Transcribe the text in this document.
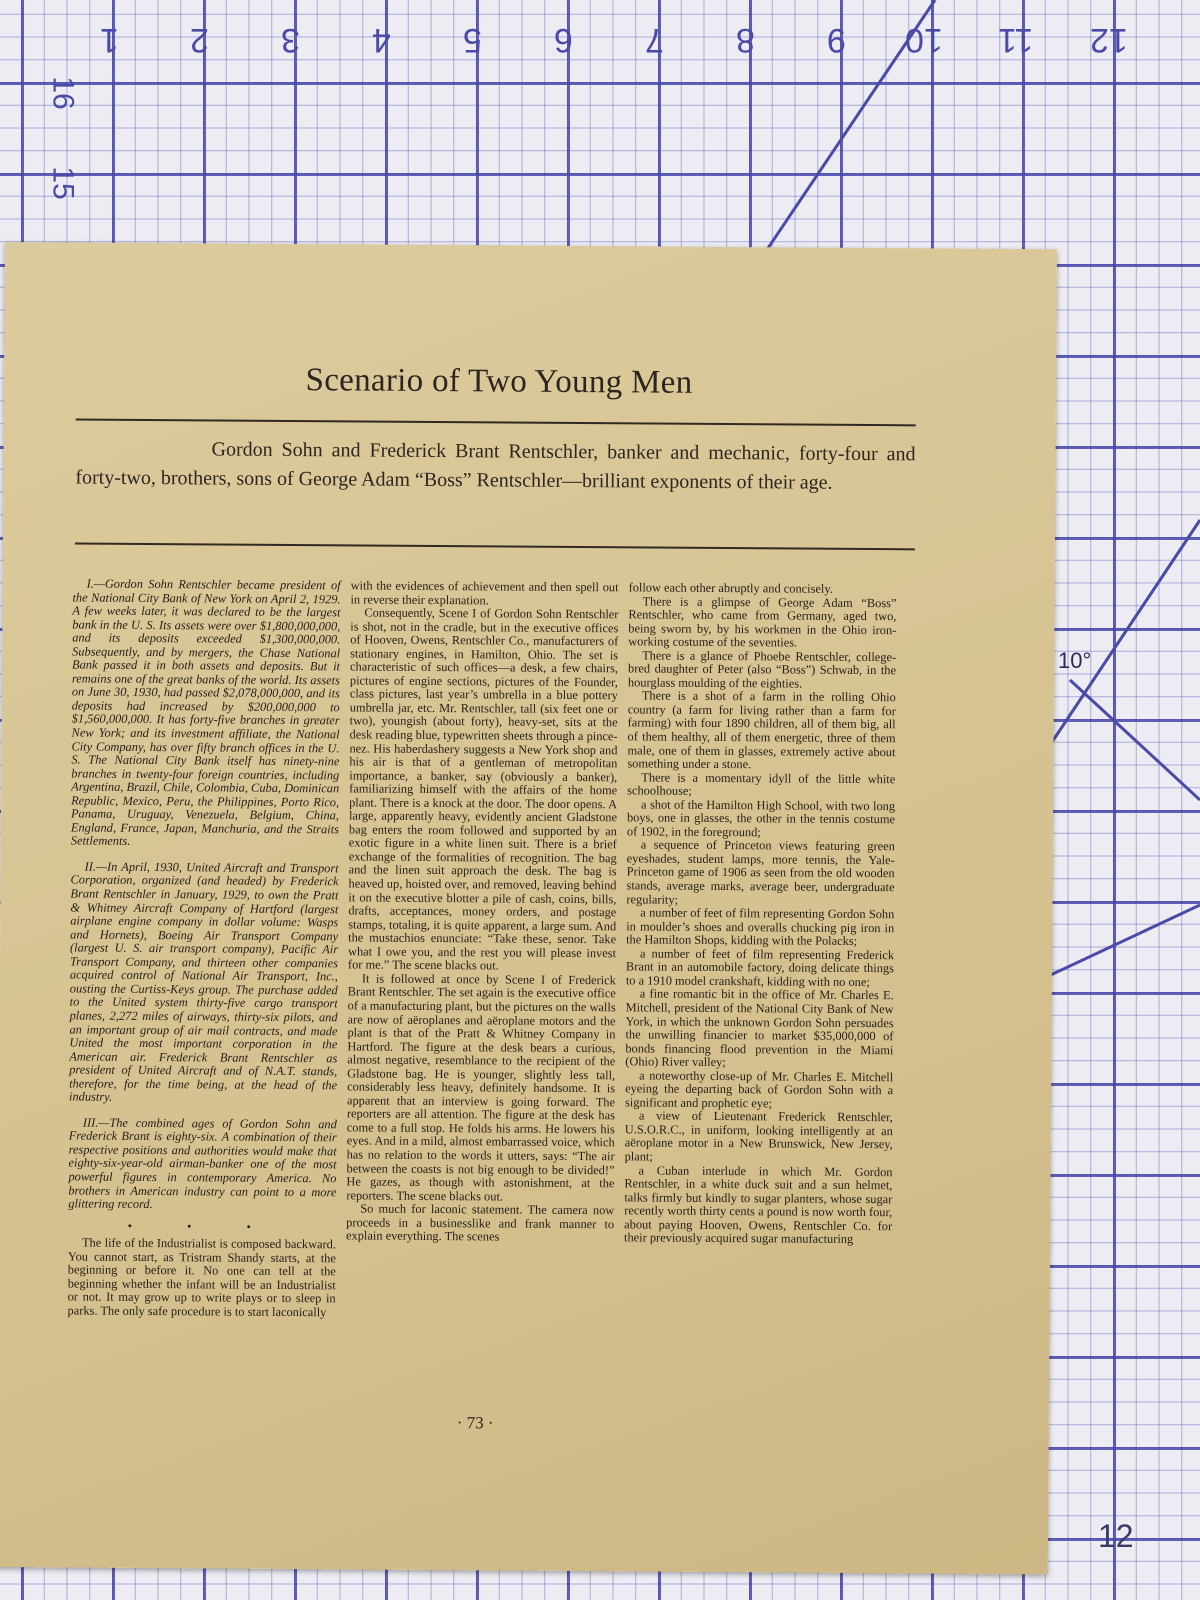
1 2 3 4 5 6 7 8 9 10 11 12
16
15
10°
12
Scenario of Two Young Men
Gordon Sohn and Frederick Brant Rentschler, banker and mechanic, forty-four and forty-two, brothers, sons of George Adam “Boss” Rentschler—brilliant exponents of their age.

I.—Gordon Sohn Rentschler became president of the National City Bank of New York on April 2, 1929. A few weeks later, it was declared to be the largest bank in the U. S. Its assets were over $1,800,000,000, and its deposits exceeded $1,300,000,000. Subsequently, and by mergers, the Chase National Bank passed it in both assets and deposits. But it remains one of the great banks of the world. Its assets on June 30, 1930, had passed $2,078,000,000, and its deposits had increased by $200,000,000 to $1,560,000,000. It has forty-five branches in greater New York; and its investment affiliate, the National City Company, has over fifty branch offices in the U. S. The National City Bank itself has ninety-nine branches in twenty-four foreign countries, including Argentina, Brazil, Chile, Colombia, Cuba, Dominican Republic, Mexico, Peru, the Philippines, Porto Rico, Panama, Uruguay, Venezuela, Belgium, China, England, France, Japan, Manchuria, and the Straits Settlements.

II.—In April, 1930, United Aircraft and Transport Corporation, organized (and headed) by Frederick Brant Rentschler in January, 1929, to own the Pratt & Whitney Aircraft Company of Hartford (largest airplane engine company in dollar volume: Wasps and Hornets), Boeing Air Transport Company (largest U. S. air transport company), Pacific Air Transport Company, and thirteen other companies acquired control of National Air Transport, Inc., ousting the Curtiss-Keys group. The purchase added to the United system thirty-five cargo transport planes, 2,272 miles of airways, thirty-six pilots, and an important group of air mail contracts, and made United the most important corporation in the American air. Frederick Brant Rentschler as president of United Aircraft and of N.A.T. stands, therefore, for the time being, at the head of the industry.

III.—The combined ages of Gordon Sohn and Frederick Brant is eighty-six. A combination of their respective positions and authorities would make that eighty-six-year-old airman-banker one of the most powerful figures in contemporary America. No brothers in American industry can point to a more glittering record.

• • •

The life of the Industrialist is composed backward. You cannot start, as Tristram Shandy starts, at the beginning or before it. No one can tell at the beginning whether the infant will be an Industrialist or not. It may grow up to write plays or to sleep in parks. The only safe procedure is to start laconically

with the evidences of achievement and then spell out in reverse their explanation.

Consequently, Scene I of Gordon Sohn Rentschler is shot, not in the cradle, but in the executive offices of Hooven, Owens, Rentschler Co., manufacturers of stationary engines, in Hamilton, Ohio. The set is characteristic of such offices—a desk, a few chairs, pictures of engine sections, pictures of the Founder, class pictures, last year’s umbrella in a blue pottery umbrella jar, etc. Mr. Rentschler, tall (six feet one or two), youngish (about forty), heavy-set, sits at the desk reading blue, typewritten sheets through a pince-nez. His haberdashery suggests a New York shop and his air is that of a gentleman of metropolitan importance, a banker, say (obviously a banker), familiarizing himself with the affairs of the home plant. There is a knock at the door. The door opens. A large, apparently heavy, evidently ancient Gladstone bag enters the room followed and supported by an exotic figure in a white linen suit. There is a brief exchange of the formalities of recognition. The bag and the linen suit approach the desk. The bag is heaved up, hoisted over, and removed, leaving behind it on the executive blotter a pile of cash, coins, bills, drafts, acceptances, money orders, and postage stamps, totaling, it is quite apparent, a large sum. And the mustachios enunciate: “Take these, senor. Take what I owe you, and the rest you will please invest for me.” The scene blacks out.

It is followed at once by Scene I of Frederick Brant Rentschler. The set again is the executive office of a manufacturing plant, but the pictures on the walls are now of aëroplanes and aëroplane motors and the plant is that of the Pratt & Whitney Company in Hartford. The figure at the desk bears a curious, almost negative, resemblance to the recipient of the Gladstone bag. He is younger, slightly less tall, considerably less heavy, definitely handsome. It is apparent that an interview is going forward. The reporters are all attention. The figure at the desk has come to a full stop. He folds his arms. He lowers his eyes. And in a mild, almost embarrassed voice, which has no relation to the words it utters, says: “The air between the coasts is not big enough to be divided!” He gazes, as though with astonishment, at the reporters. The scene blacks out.

So much for laconic statement. The camera now proceeds in a businesslike and frank manner to explain everything. The scenes

follow each other abruptly and concisely.

There is a glimpse of George Adam “Boss” Rentschler, who came from Germany, aged two, being sworn by, by his workmen in the Ohio iron-working costume of the seventies.

There is a glance of Phoebe Rentschler, college-bred daughter of Peter (also “Boss”) Schwab, in the hourglass moulding of the eighties.

There is a shot of a farm in the rolling Ohio country (a farm for living rather than a farm for farming) with four 1890 children, all of them big, all of them healthy, all of them energetic, three of them male, one of them in glasses, extremely active about something under a stone.

There is a momentary idyll of the little white schoolhouse;

a shot of the Hamilton High School, with two long boys, one in glasses, the other in the tennis costume of 1902, in the foreground;

a sequence of Princeton views featuring green eyeshades, student lamps, more tennis, the Yale-Princeton game of 1906 as seen from the old wooden stands, average marks, average beer, undergraduate regularity;

a number of feet of film representing Gordon Sohn in moulder’s shoes and overalls chucking pig iron in the Hamilton Shops, kidding with the Polacks;

a number of feet of film representing Frederick Brant in an automobile factory, doing delicate things to a 1910 model crankshaft, kidding with no one;

a fine romantic bit in the office of Mr. Charles E. Mitchell, president of the National City Bank of New York, in which the unknown Gordon Sohn persuades the unwilling financier to market $35,000,000 of bonds financing flood prevention in the Miami (Ohio) River valley;

a noteworthy close-up of Mr. Charles E. Mitchell eyeing the departing back of Gordon Sohn with a significant and prophetic eye;

a view of Lieutenant Frederick Rentschler, U.S.O.R.C., in uniform, looking intelligently at an aëroplane motor in a New Brunswick, New Jersey, plant;

a Cuban interlude in which Mr. Gordon Rentschler, in a white duck suit and a sun helmet, talks firmly but kindly to sugar planters, whose sugar recently worth thirty cents a pound is now worth four, about paying Hooven, Owens, Rentschler Co. for their previously acquired sugar manufacturing

· 73 ·
